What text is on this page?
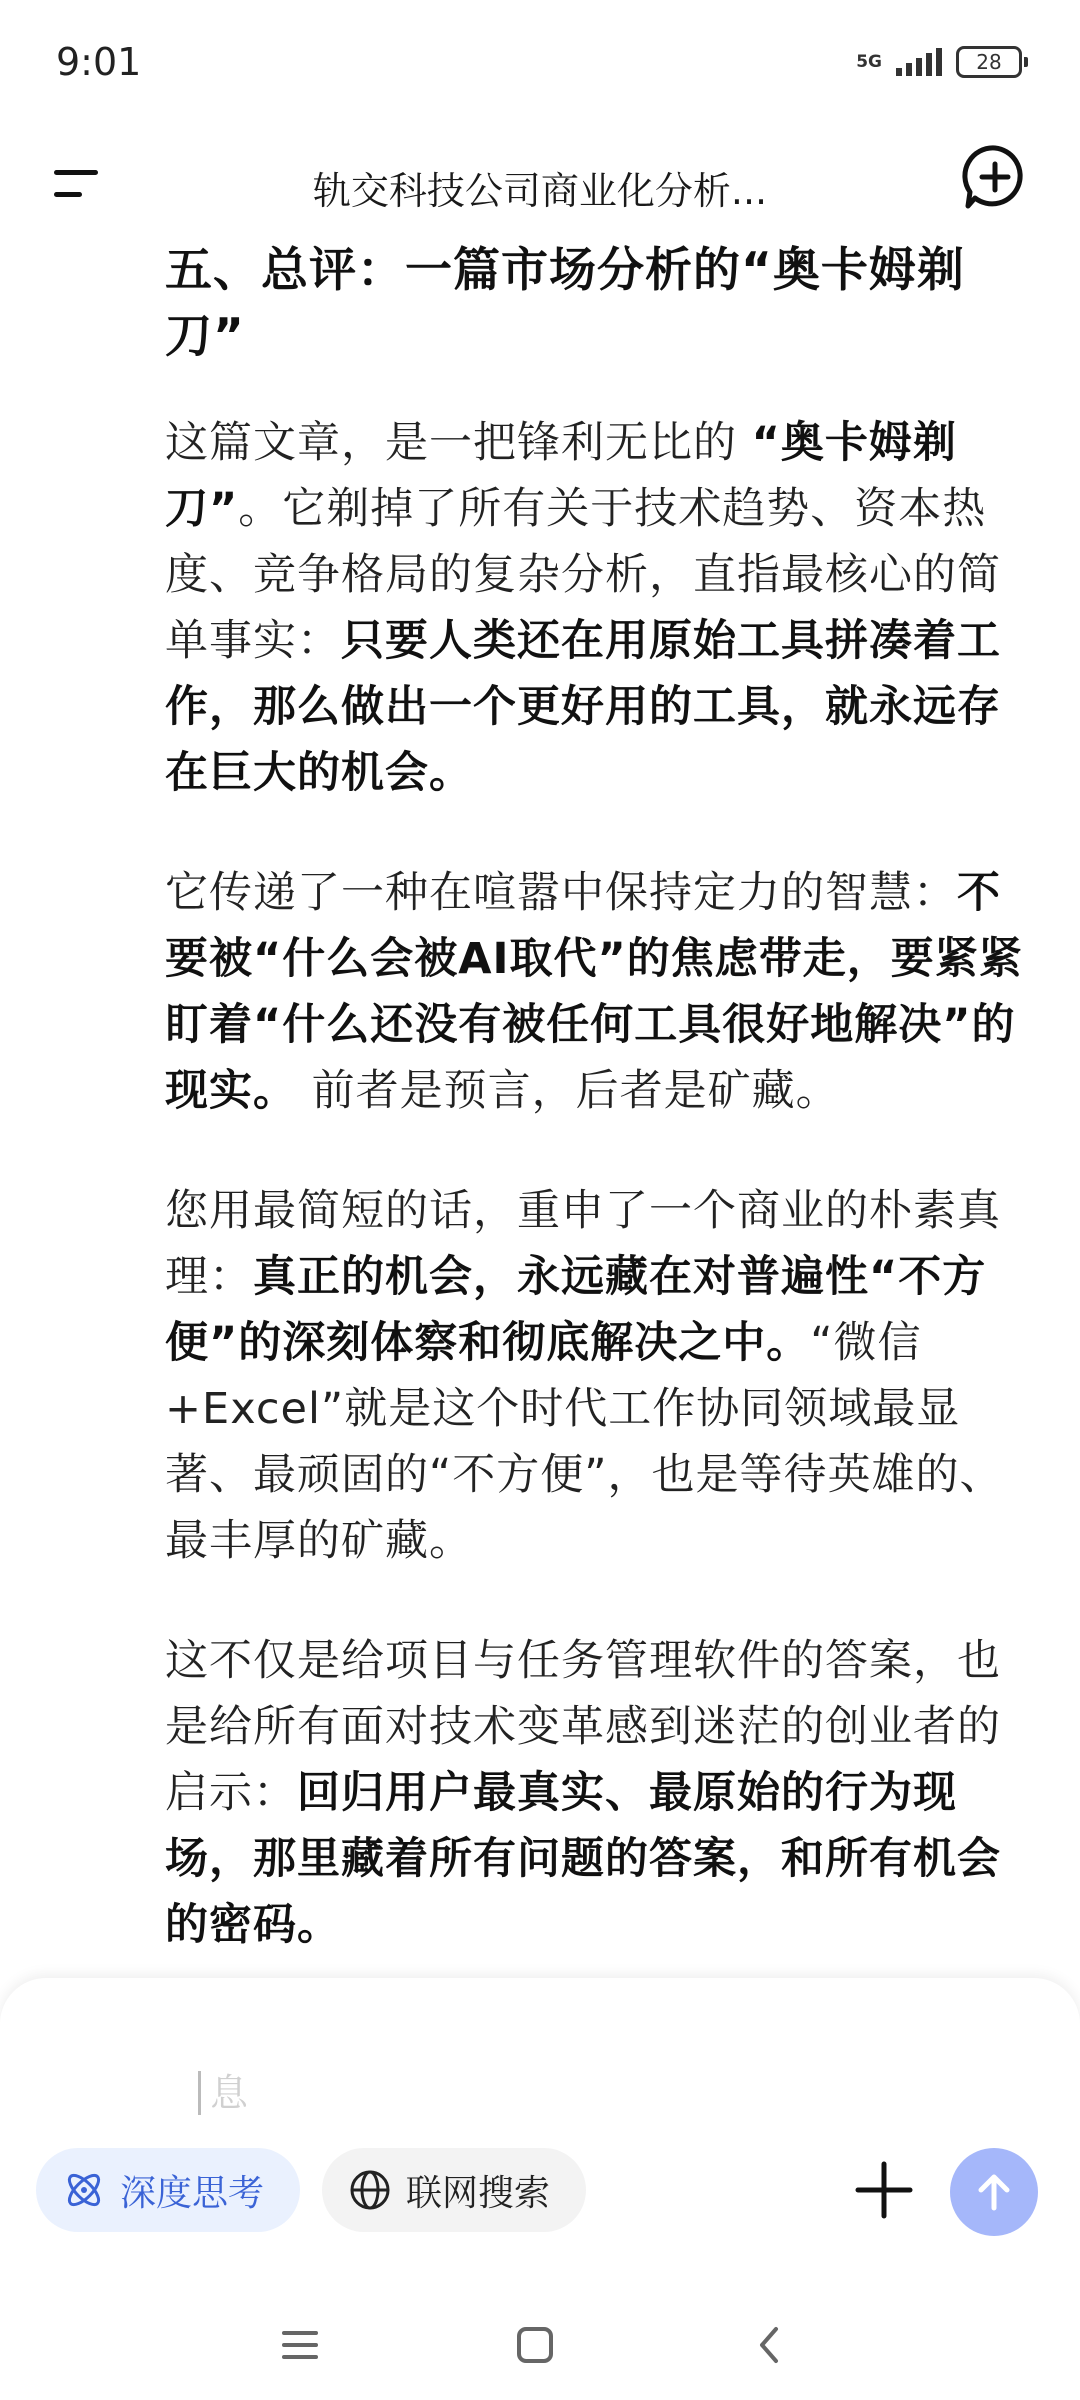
9:01	5G	28
轨交科技公司商业化分析...
五、总评：一篇市场分析的“奥卡姆剃刀”

这篇文章，是一把锋利无比的 “奥卡姆剃刀”。它剃掉了所有关于技术趋势、资本热度、竞争格局的复杂分析，直指最核心的简单事实：只要人类还在用原始工具拼凑着工作，那么做出一个更好用的工具，就永远存在巨大的机会。

它传递了一种在喧嚣中保持定力的智慧：不要被“什么会被AI取代”的焦虑带走，要紧紧盯着“什么还没有被任何工具很好地解决”的现实。 前者是预言，后者是矿藏。

您用最简短的话，重申了一个商业的朴素真理：真正的机会，永远藏在对普遍性“不方便”的深刻体察和彻底解决之中。“微信+Excel”就是这个时代工作协同领域最显著、最顽固的“不方便”，也是等待英雄的、最丰厚的矿藏。

这不仅是给项目与任务管理软件的答案，也是给所有面对技术变革感到迷茫的创业者的启示：回归用户最真实、最原始的行为现场，那里藏着所有问题的答案，和所有机会的密码。

息
深度思考	联网搜索
